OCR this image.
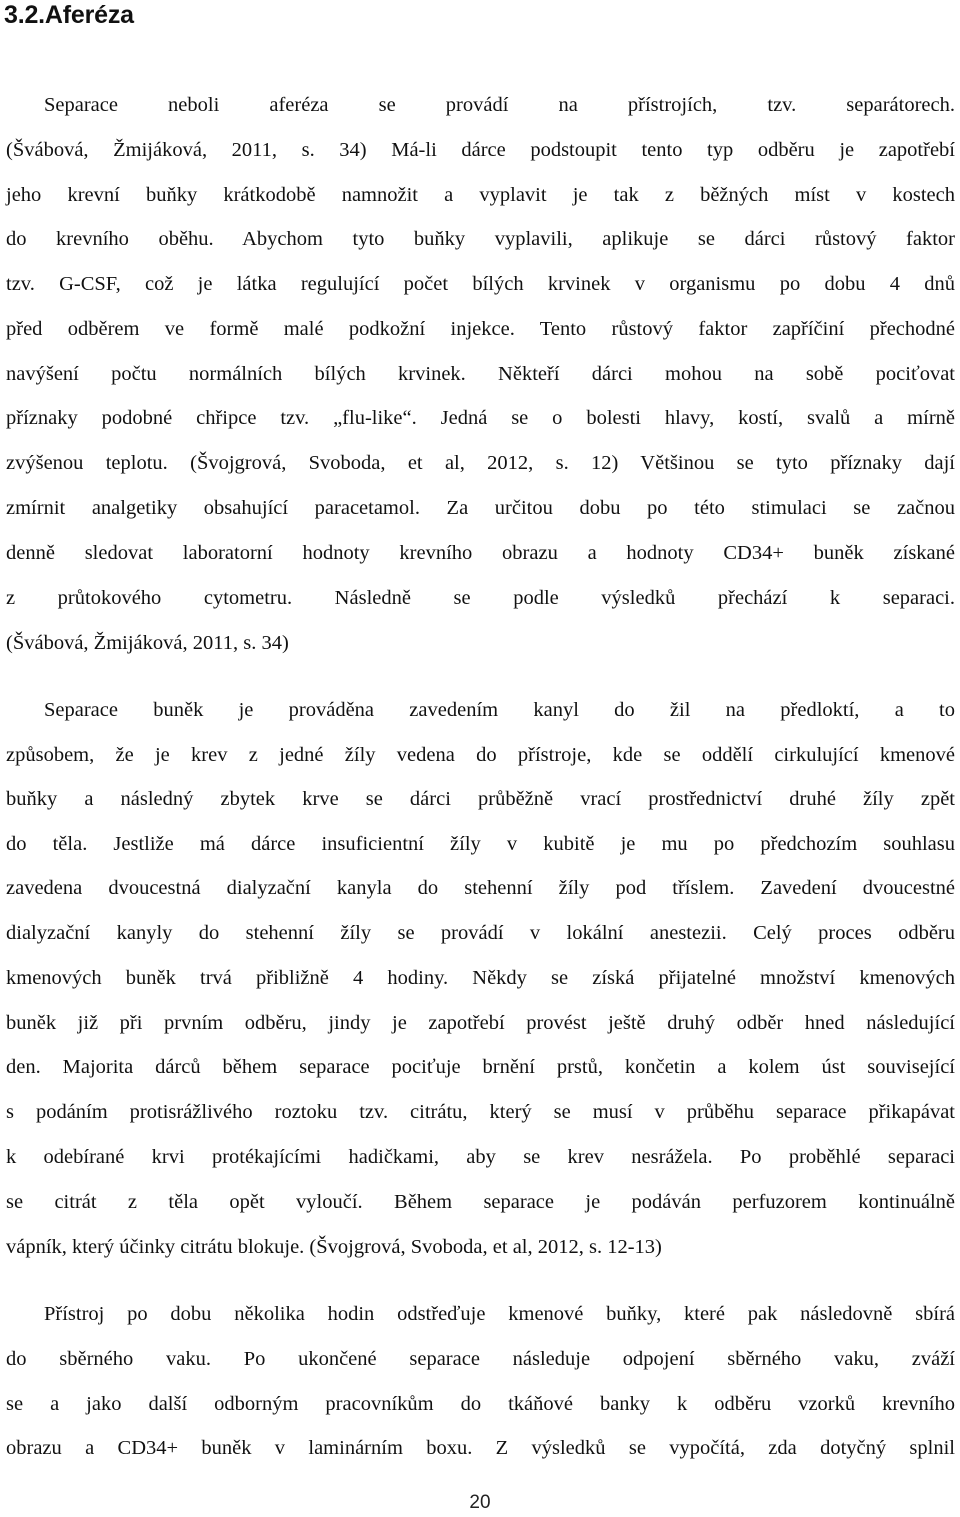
3.2.Aferéza
Separace neboli aferéza se provádí na přístrojích, tzv. separátorech.
(Švábová, Žmijáková, 2011, s. 34) Má-li dárce podstoupit tento typ odběru je zapotřebí
jeho krevní buňky krátkodobě namnožit a vyplavit je tak z běžných míst v kostech
do krevního oběhu. Abychom tyto buňky vyplavili, aplikuje se dárci růstový faktor
tzv. G-CSF, což je látka regulující počet bílých krvinek v organismu po dobu 4 dnů
před odběrem ve formě malé podkožní injekce. Tento růstový faktor zapříčiní přechodné
navýšení počtu normálních bílých krvinek. Někteří dárci mohou na sobě pociťovat
příznaky podobné chřipce tzv. „flu-like“. Jedná se o bolesti hlavy, kostí, svalů a mírně
zvýšenou teplotu. (Švojgrová, Svoboda, et al, 2012, s. 12) Většinou se tyto příznaky dají
zmírnit analgetiky obsahující paracetamol. Za určitou dobu po této stimulaci se začnou
denně sledovat laboratorní hodnoty krevního obrazu a hodnoty CD34+ buněk získané
z průtokového cytometru. Následně se podle výsledků přechází k separaci.
(Švábová, Žmijáková, 2011, s. 34)
Separace buněk je prováděna zavedením kanyl do žil na předloktí, a to
způsobem, že je krev z jedné žíly vedena do přístroje, kde se oddělí cirkulující kmenové
buňky a následný zbytek krve se dárci průběžně vrací prostřednictví druhé žíly zpět
do těla. Jestliže má dárce insuficientní žíly v kubitě je mu po předchozím souhlasu
zavedena dvoucestná dialyzační kanyla do stehenní žíly pod tříslem. Zavedení dvoucestné
dialyzační kanyly do stehenní žíly se provádí v lokální anestezii. Celý proces odběru
kmenových buněk trvá přibližně 4 hodiny. Někdy se získá přijatelné množství kmenových
buněk již při prvním odběru, jindy je zapotřebí provést ještě druhý odběr hned následující
den. Majorita dárců během separace pociťuje brnění prstů, končetin a kolem úst související
s podáním protisrážlivého roztoku tzv. citrátu, který se musí v průběhu separace přikapávat
k odebírané krvi protékajícími hadičkami, aby se krev nesrážela. Po proběhlé separaci
se citrát z těla opět vyloučí. Během separace je podáván perfuzorem kontinuálně
vápník, který účinky citrátu blokuje. (Švojgrová, Svoboda, et al, 2012, s. 12-13)
Přístroj po dobu několika hodin odstřeďuje kmenové buňky, které pak následovně sbírá
do sběrného vaku. Po ukončené separace následuje odpojení sběrného vaku, zváží
se a jako další odborným pracovníkům do tkáňové banky k odběru vzorků krevního
obrazu a CD34+ buněk v laminárním boxu. Z výsledků se vypočítá, zda dotyčný splnil
20
